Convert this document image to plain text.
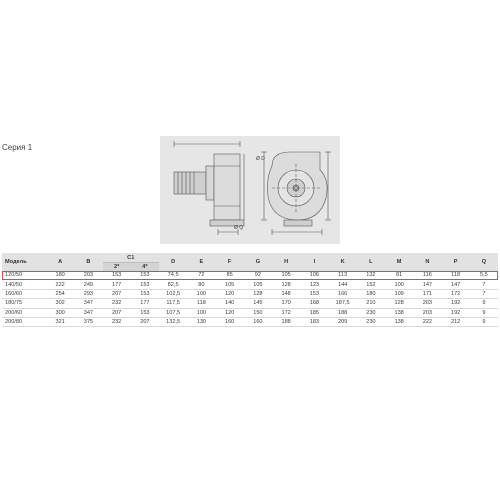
Серия 1
Ø Q
Ø D
Модель	A	B	C1		D	E	F	G	H	I	K	L	M	N	P	Q
			2*	4*												
120/50	180	203	153	153	74,5	72	85	92	105	106	113	132	81	116	118	5,5
140/50	222	249	177	153	82,5	80	105	105	128	123	144	152	100	147	147	7
160/60	254	293	207	153	102,5	100	120	128	148	153	166	180	109	171	172	7
180/75	302	347	232	177	117,5	118	140	145	170	168	187,5	210	128	203	192	9
200/60	300	347	207	153	107,5	100	120	150	172	185	188	230	138	203	192	9
200/80	321	375	232	207	132,5	130	160	160	188	183	209	230	138	222	212	9
